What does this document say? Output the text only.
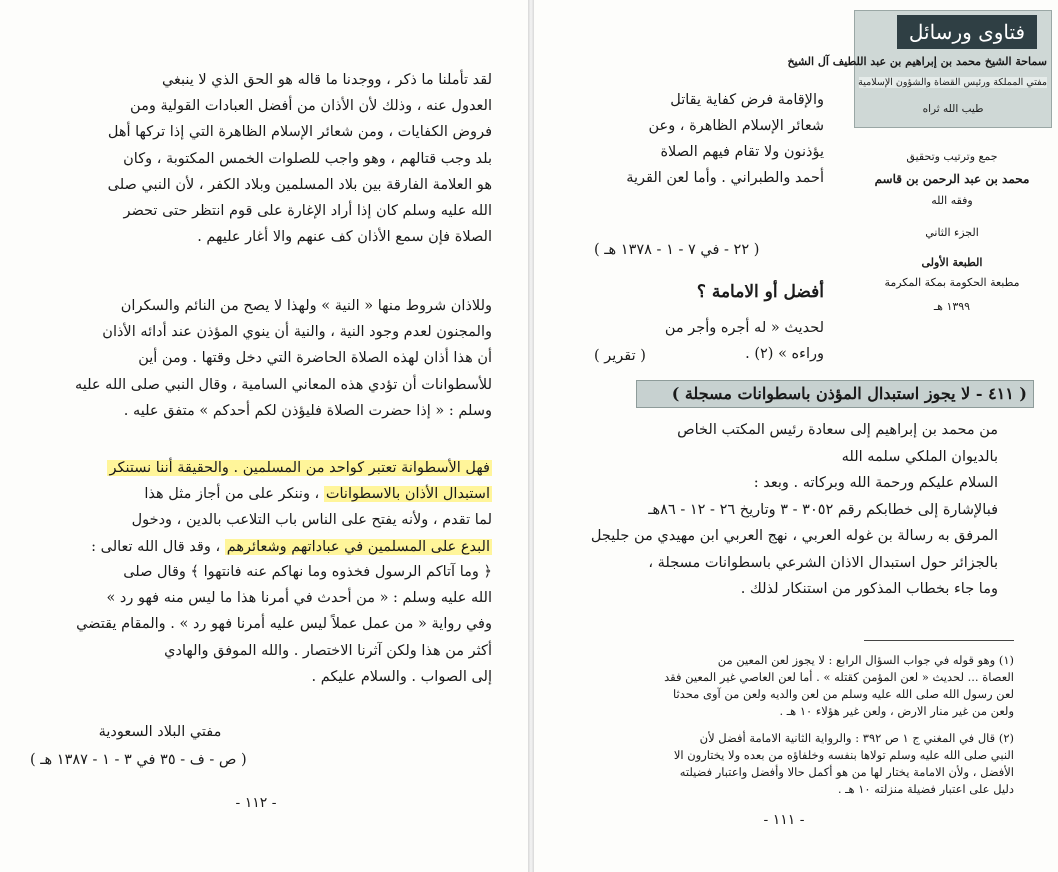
لقد تأملنا ما ذكر ، ووجدنا ما قاله هو الحق الذي لا ينبغي
العدول عنه ، وذلك لأن الأذان من أفضل العبادات القولية ومن
فروض الكفايات ، ومن شعائر الإسلام الظاهرة التي إذا تركها أهل
بلد وجب قتالهم ، وهو واجب للصلوات الخمس المكتوبة ، وكان
هو العلامة الفارقة بين بلاد المسلمين وبلاد الكفر ، لأن النبي صلى
الله عليه وسلم كان إذا أراد الإغارة على قوم انتظر حتى تحضر
الصلاة فإن سمع الأذان كف عنهم والا أغار عليهم .
وللاذان شروط منها « النية » ولهذا لا يصح من النائم والسكران
والمجنون لعدم وجود النية ، والنية أن ينوي المؤذن عند أدائه الأذان
أن هذا أذان لهذه الصلاة الحاضرة التي دخل وقتها . ومن أين
للأسطوانات أن تؤدي هذه المعاني السامية ، وقال النبي صلى الله عليه
وسلم : « إذا حضرت الصلاة فليؤذن لكم أحدكم » متفق عليه .
فهل الأسطوانة تعتبر كواحد من المسلمين . والحقيقة أننا نستنكر
استبدال الأذان بالاسطوانات ، وننكر على من أجاز مثل هذا
لما تقدم ، ولأنه يفتح على الناس باب التلاعب بالدين ، ودخول
البدع على المسلمين في عباداتهم وشعائرهم ، وقد قال الله تعالى :
﴿ وما آتاكم الرسول فخذوه وما نهاكم عنه فانتهوا ﴾ وقال صلى
الله عليه وسلم : « من أحدث في أمرنا هذا ما ليس منه فهو رد »
وفي رواية « من عمل عملاً ليس عليه أمرنا فهو رد » . والمقام يقتضي
أكثر من هذا ولكن آثرنا الاختصار . والله الموفق والهادي
إلى الصواب . والسلام عليكم .
مفتي البلاد السعودية
( ص - ف - ٣٥ في ٣ - ١ - ١٣٨٧ هـ )
- ١١٢ -
فتاوى ورسائل
سماحة الشيخ محمد بن إبراهيم بن عبد اللطيف آل الشيخ
مفتي المملكة ورئيس القضاة والشؤون الإسلامية
طيب الله ثراه
جمع وترتيب وتحقيق
محمد بن عبد الرحمن بن قاسم
وفقه الله
الجزء الثاني
الطبعة الأولى
مطبعة الحكومة بمكة المكرمة
١٣٩٩ هـ
والإقامة فرض كفاية يقاتل
شعائر الإسلام الظاهرة ، وعن
يؤذنون ولا تقام فيهم الصلاة
أحمد والطبراني . وأما لعن القرية
( ٢٢ - في ٧ - ١ - ١٣٧٨ هـ )
أفضل أو الامامة ؟
لحديث « له أجره وأجر من
وراءه » (٢) .
( تقرير )
( ٤١١ - لا يجوز استبدال المؤذن باسطوانات مسجلة )
من محمد بن إبراهيم إلى سعادة رئيس المكتب الخاص
بالديوان الملكي سلمه الله
السلام عليكم ورحمة الله وبركاته . وبعد :
فبالإشارة إلى خطابكم رقم ٣٠٥٢ - ٣ وتاريخ ٢٦ - ١٢ - ٨٦هـ
المرفق به رسالة بن غوله العربي ، نهج العربي ابن مهيدي من جليجل
بالجزائر حول استبدال الاذان الشرعي باسطوانات مسجلة ،
وما جاء بخطاب المذكور من استنكار لذلك .
(١) وهو قوله في جواب السؤال الرابع : لا يجوز لعن المعين من
العصاة ... لحديث « لعن المؤمن كقتله » . أما لعن العاصي غير المعين فقد
لعن رسول الله صلى الله عليه وسلم من لعن والديه ولعن من آوى محدثا
ولعن من غير منار الارض ، ولعن غير هؤلاء ١٠ هـ .
(٢) قال في المغني ج ١ ص ٣٩٢ : والرواية الثانية الامامة أفضل لأن
النبي صلى الله عليه وسلم تولاها بنفسه وخلفاؤه من بعده ولا يختارون الا
الأفضل ، ولأن الامامة يختار لها من هو أكمل حالا وأفضل واعتبار فضيلته
دليل على اعتبار فضيلة منزلته ١٠ هـ .
- ١١١ -
